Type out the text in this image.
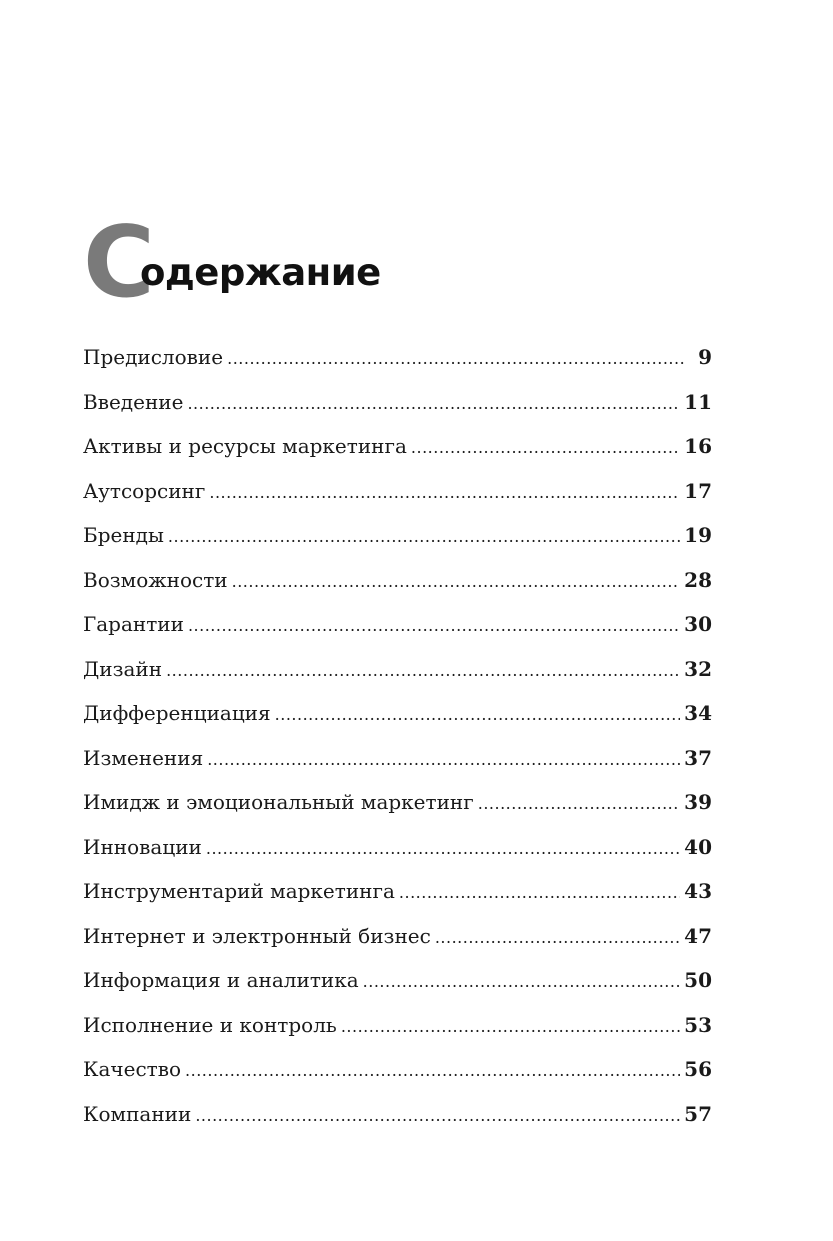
С
одержание
Предисловие .....	9
Введение .....	11
Активы и ресурсы маркетинга .....	16
Аутсорсинг .....	17
Бренды .....	19
Возможности .....	28
Гарантии .....	30
Дизайн .....	32
Дифференциация .....	34
Изменения .....	37
Имидж и эмоциональный маркетинг .....	39
Инновации .....	40
Инструментарий маркетинга .....	43
Интернет и электронный бизнес .....	47
Информация и аналитика .....	50
Исполнение и контроль .....	53
Качество .....	56
Компании .....	57
